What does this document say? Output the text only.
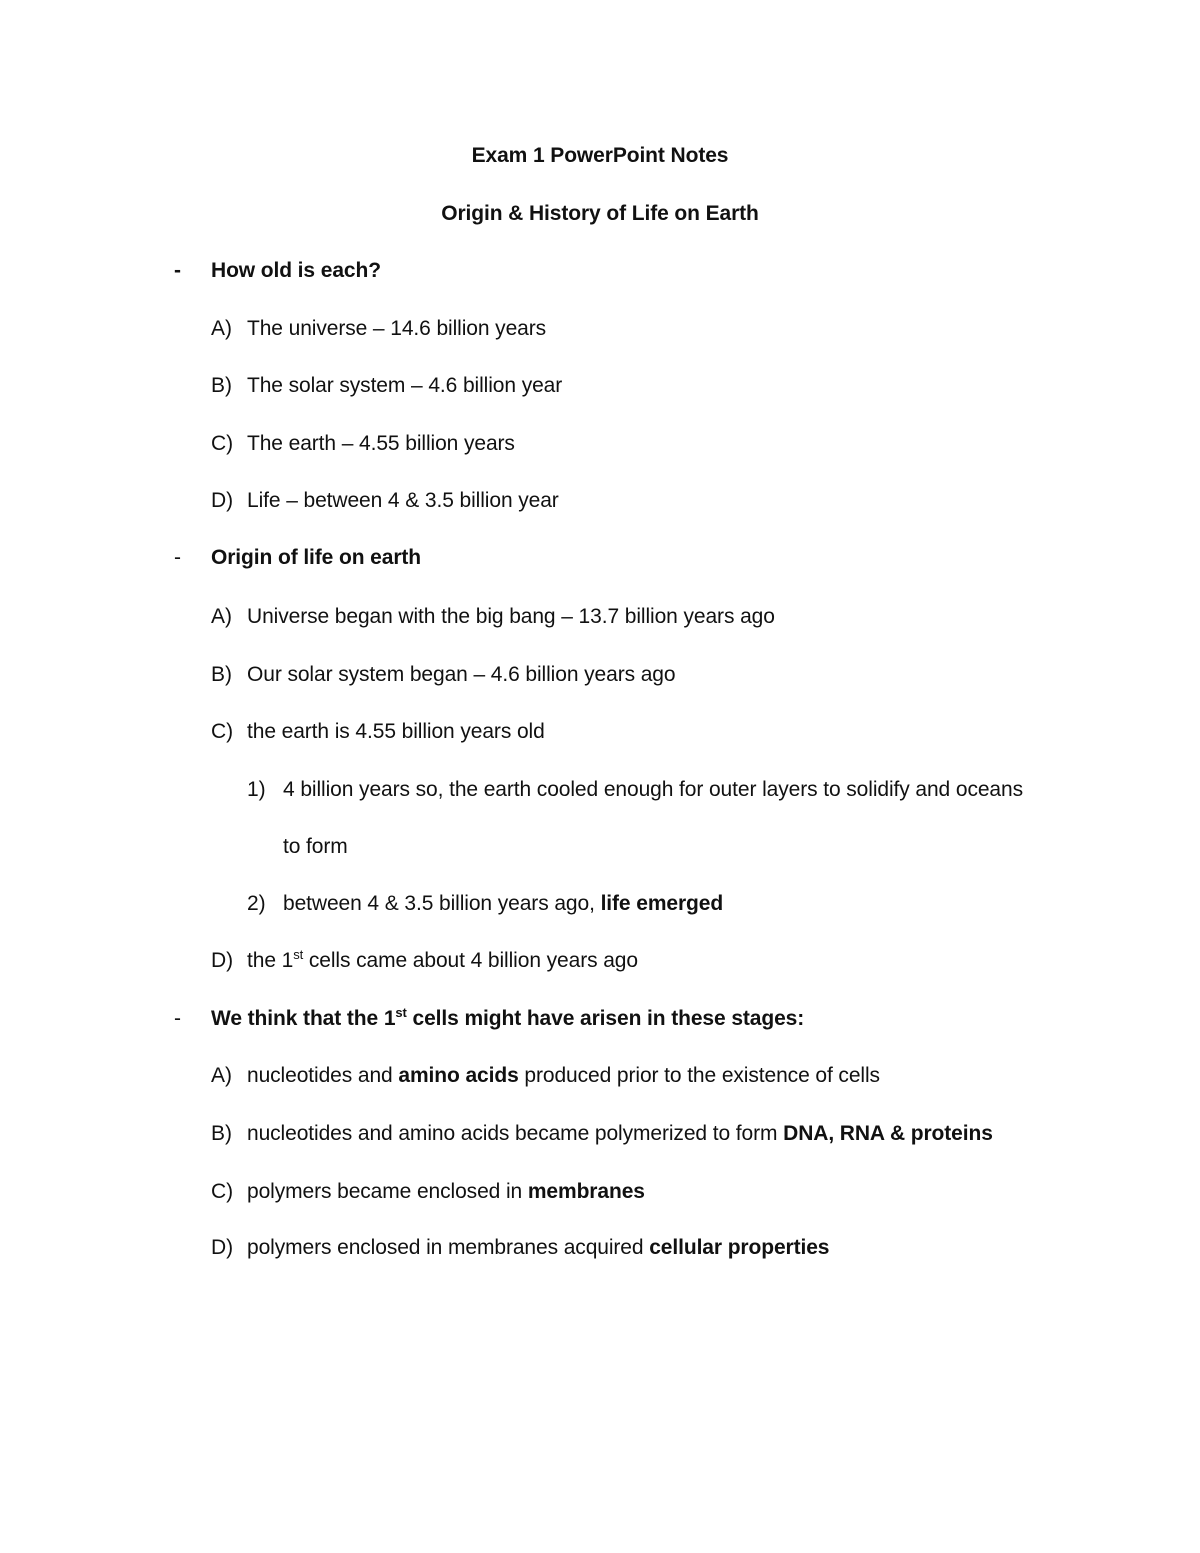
Exam 1 PowerPoint Notes
Origin & History of Life on Earth
- How old is each?
A) The universe – 14.6 billion years
B) The solar system – 4.6 billion year
C) The earth – 4.55 billion years
D) Life – between 4 & 3.5 billion year
- Origin of life on earth
A) Universe began with the big bang – 13.7 billion years ago
B) Our solar system began – 4.6 billion years ago
C) the earth is 4.55 billion years old
1) 4 billion years so, the earth cooled enough for outer layers to solidify and oceans
to form
2) between 4 & 3.5 billion years ago, life emerged
D) the 1st cells came about 4 billion years ago
- We think that the 1st cells might have arisen in these stages:
A) nucleotides and amino acids produced prior to the existence of cells
B) nucleotides and amino acids became polymerized to form DNA, RNA & proteins
C) polymers became enclosed in membranes
D) polymers enclosed in membranes acquired cellular properties
